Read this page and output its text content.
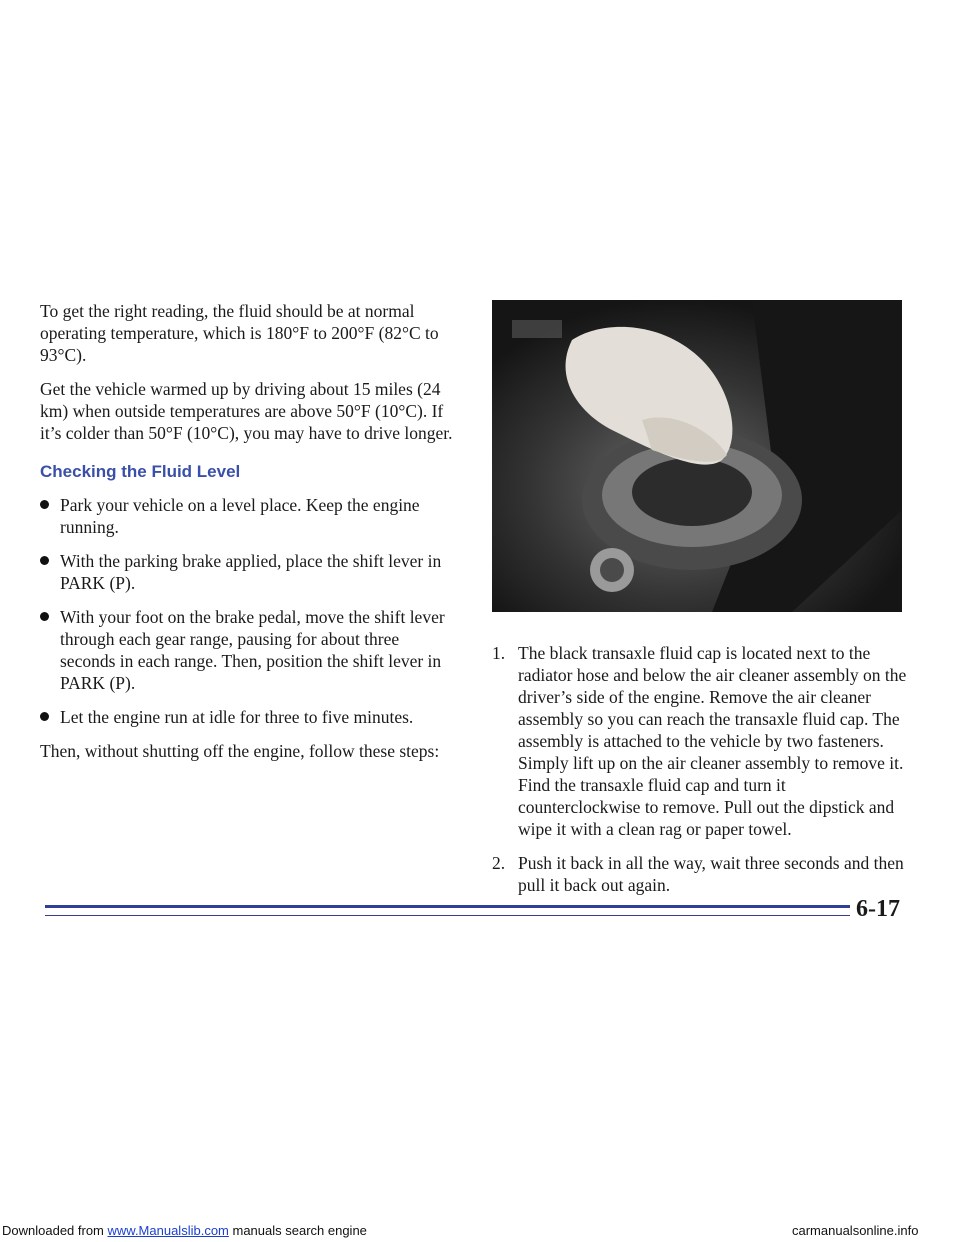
To get the right reading, the fluid should be at normal operating temperature, which is 180°F to 200°F (82°C to 93°C).

Get the vehicle warmed up by driving about 15 miles (24 km) when outside temperatures are above 50°F (10°C). If it’s colder than 50°F (10°C), you may have to drive longer.

Checking the Fluid Level
Park your vehicle on a level place. Keep the engine running.
With the parking brake applied, place the shift lever in PARK (P).
With your foot on the brake pedal, move the shift lever through each gear range, pausing for about three seconds in each range. Then, position the shift lever in PARK (P).
Let the engine run at idle for three to five minutes.

Then, without shutting off the engine, follow these steps:

1. The black transaxle fluid cap is located next to the radiator hose and below the air cleaner assembly on the driver’s side of the engine. Remove the air cleaner assembly so you can reach the transaxle fluid cap. The assembly is attached to the vehicle by two fasteners. Simply lift up on the air cleaner assembly to remove it. Find the transaxle fluid cap and turn it counterclockwise to remove. Pull out the dipstick and wipe it with a clean rag or paper towel.
2. Push it back in all the way, wait three seconds and then pull it back out again.
6-17
Downloaded from www.Manualslib.com manuals search engine	carmanualsonline.info
